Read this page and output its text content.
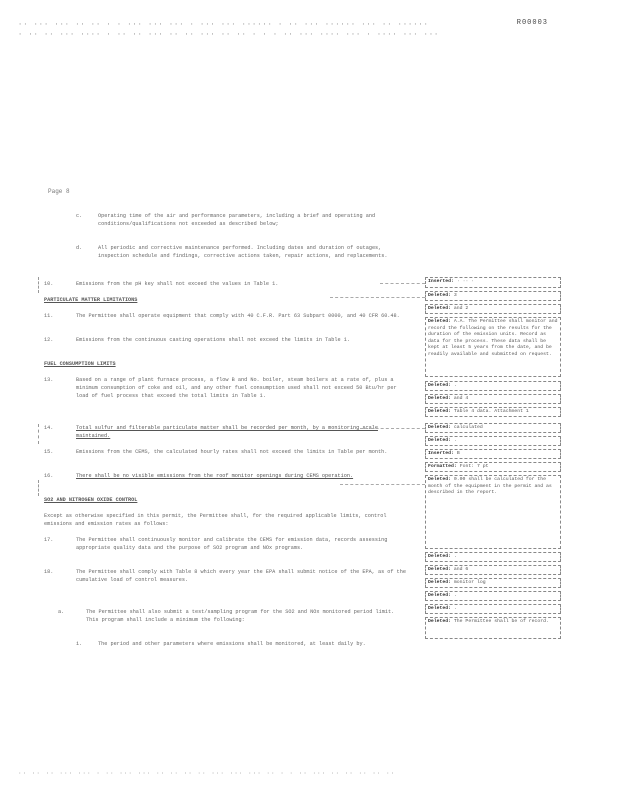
·· ··· ··· ·· ·· · · ··· ··· ··· · ··· ··· ······ · ·· ··· ······ ··· ·· ······
· ·· ·· ··· ···· · ·· ·· ··· ·· ·· ··· ·· ·· · · · ·· ··· ···· ··· · ···· ··· ···
R00003
Page 8
c.	Operating time of the air and performance parameters, including a brief and operating and conditions/qualifications not exceeded as described below;
d.	All periodic and corrective maintenance performed. Including dates and duration of outages, inspection schedule and findings, corrective actions taken, repair actions, and replacements.
10.	Emissions from the pH key shall not exceed the values in Table 1.
PARTICULATE MATTER LIMITATIONS
11.	The Permittee shall operate equipment that comply with 40 C.F.R. Part 63 Subpart 0000, and 40 CFR 60.48.
12.	Emissions from the continuous casting operations shall not exceed the limits in Table 1.
FUEL CONSUMPTION LIMITS
13.	Based on a range of plant furnace process, a flow B and No. boiler, steam boilers at a rate of, plus a minimum consumption of coke and oil, and any other fuel consumption used shall not exceed 50 Btu/hr per load of fuel process that exceed the total limits in Table 1.
14.	Total sulfur and filterable particulate matter shall be recorded per month, by a monitoring scale maintained.
15.	Emissions from the CEMS, the calculated hourly rates shall not exceed the limits in Table per month.
16.	There shall be no visible emissions from the roof monitor openings during CEMS operation.
SO2 AND NITROGEN OXIDE CONTROL
Except as otherwise specified in this permit, the Permittee shall, for the required applicable limits, control emissions and emission rates as follows:
17.	The Permittee shall continuously monitor and calibrate the CEMS for emission data, records assessing appropriate quality data and the purpose of SO2 program and NOx programs.
18.	The Permittee shall comply with Table 8 which every year the EPA shall submit notice of the EPA, as of the cumulative load of control measures.
a.	The Permittee shall also submit a test/sampling program for the SO2 and NOx monitored period limit. This program shall include a minimum the following:
i.	The period and other parameters where emissions shall be monitored, at least daily by.
Inserted: · ·· ·
Deleted: 3
Deleted: and 2
Deleted: A.A. The Permittee shall monitor and record the following on the results for the duration of the emission units. Record as data for the process. These data shall be kept at least 5 years from the date, and be readily available and submitted on request.
Deleted: .
Deleted: and 4
Deleted: Table 4 data. Attachment 1
Deleted: calculated
Deleted: .
Inserted: B
Formatted: Font: 7 pt
Deleted: 0.00 shall be calculated for the month of the equipment in the permit and as described in the report.
Deleted: .
Deleted: and 6
Deleted: monitor log
Deleted: .
Deleted: .
Deleted: The Permittee shall be of record.
·· ·· ·· ··· ··· · ·· ··· ··· ·· ·· ·· ·· ··· ··· ··· ·· · · ·· ··· ·· ·· ·· ·· ··
